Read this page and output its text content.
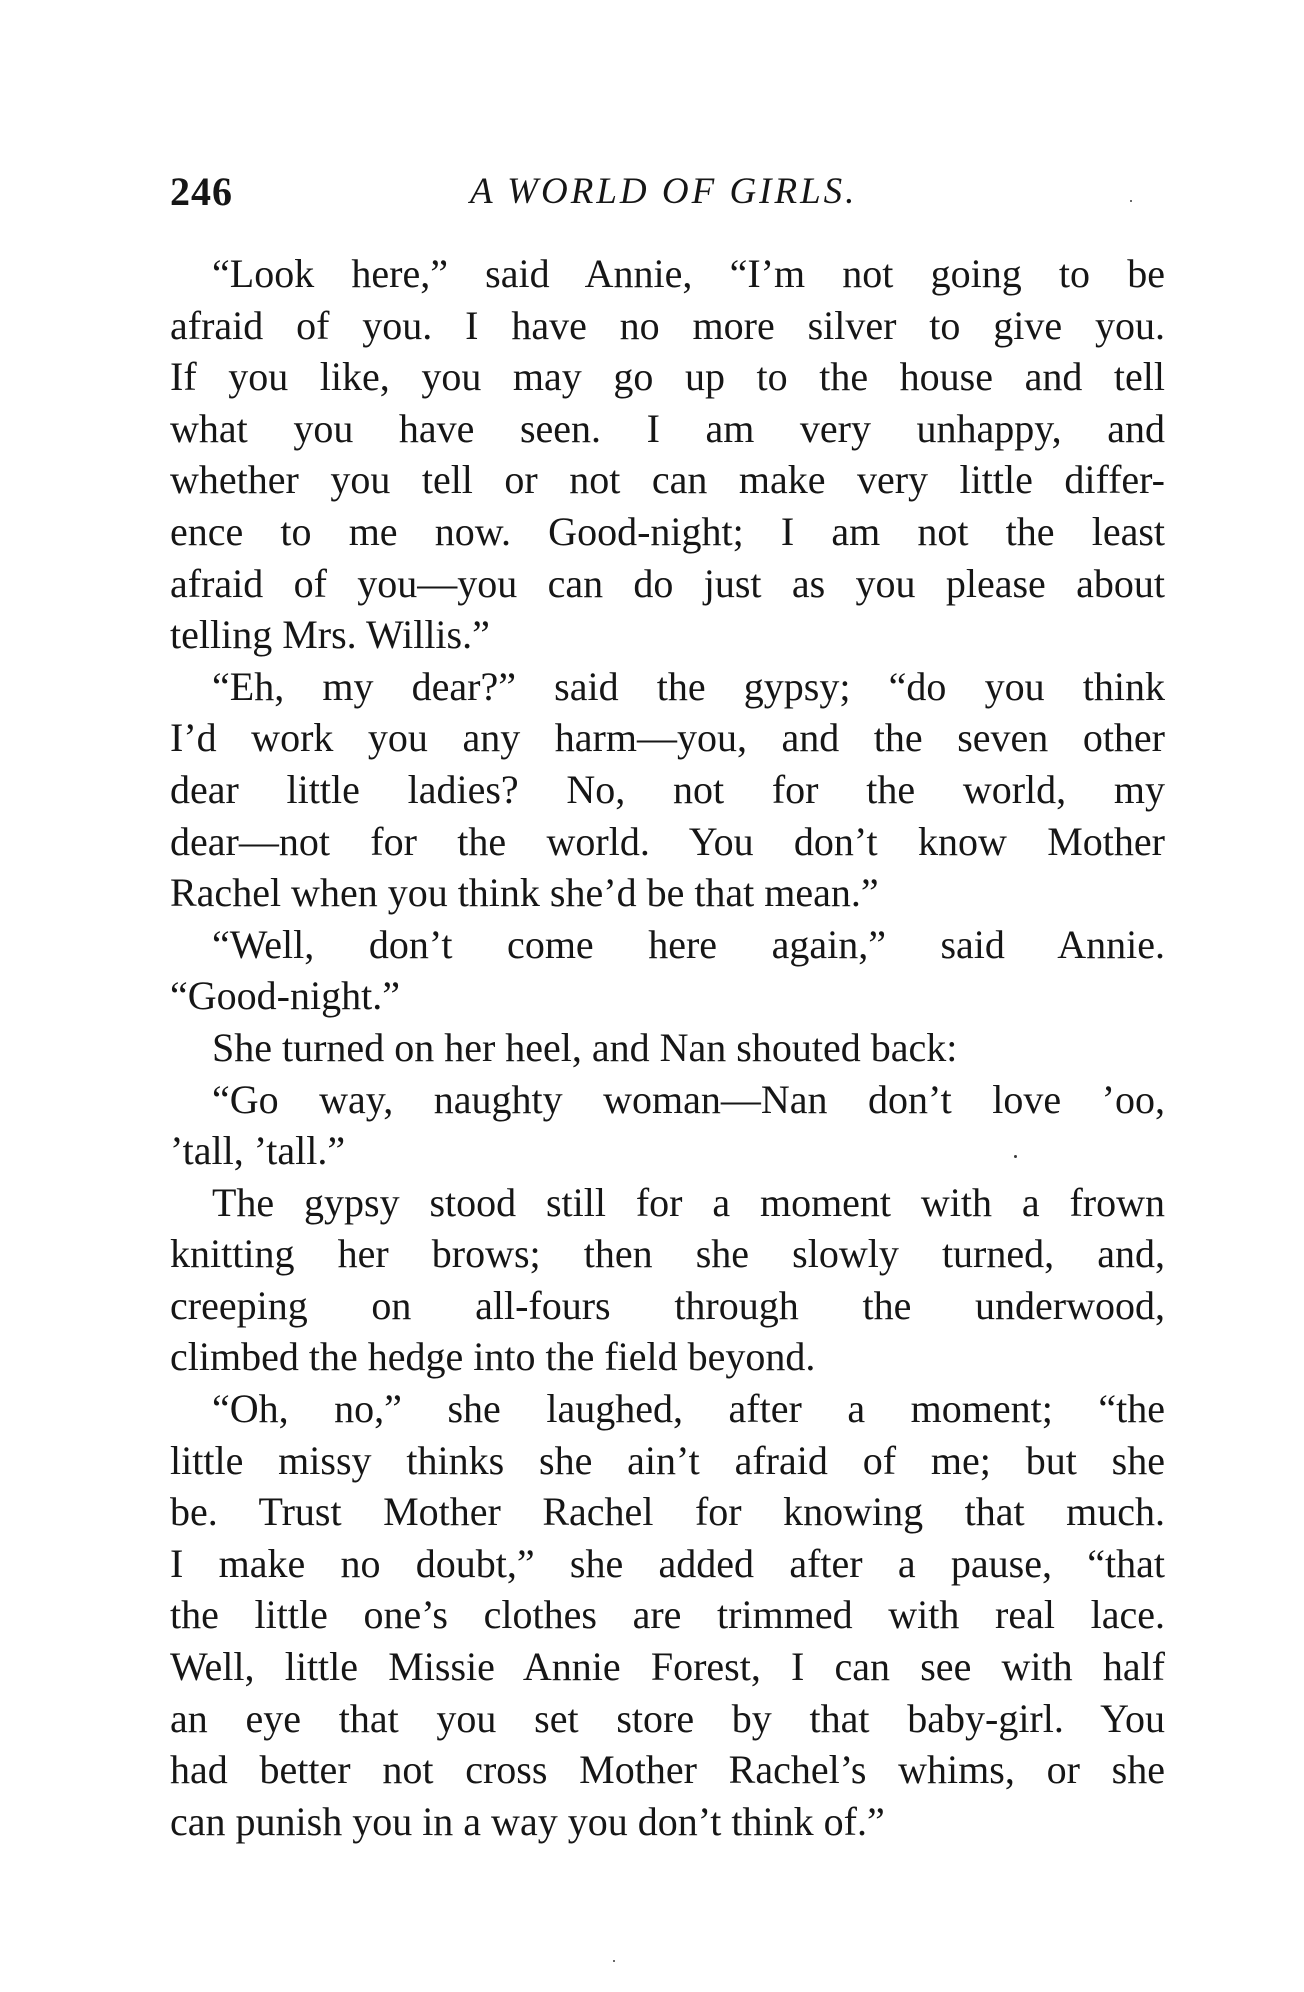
246	A WORLD OF GIRLS.
“Look here,” said Annie, “I’m not going to be
afraid of you. I have no more silver to give you.
If you like, you may go up to the house and tell
what you have seen. I am very unhappy, and
whether you tell or not can make very little differ-
ence to me now. Good-night; I am not the least
afraid of you—you can do just as you please about
telling Mrs. Willis.”
“Eh, my dear?” said the gypsy; “do you think
I’d work you any harm—you, and the seven other
dear little ladies? No, not for the world, my
dear—not for the world. You don’t know Mother
Rachel when you think she’d be that mean.”
“Well, don’t come here again,” said Annie.
“Good-night.”
She turned on her heel, and Nan shouted back:
“Go way, naughty woman—Nan don’t love ’oo,
’tall, ’tall.”
The gypsy stood still for a moment with a frown
knitting her brows; then she slowly turned, and,
creeping on all-fours through the underwood,
climbed the hedge into the field beyond.
“Oh, no,” she laughed, after a moment; “the
little missy thinks she ain’t afraid of me; but she
be. Trust Mother Rachel for knowing that much.
I make no doubt,” she added after a pause, “that
the little one’s clothes are trimmed with real lace.
Well, little Missie Annie Forest, I can see with half
an eye that you set store by that baby-girl. You
had better not cross Mother Rachel’s whims, or she
can punish you in a way you don’t think of.”
